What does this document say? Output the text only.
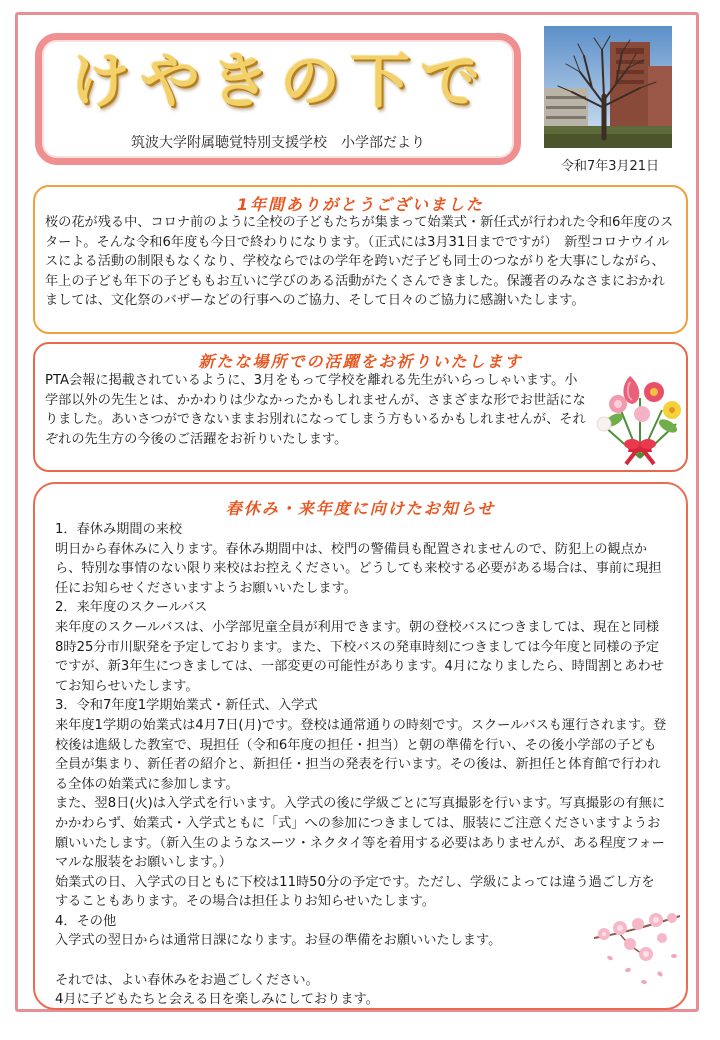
けやきの下で
筑波大学附属聴覚特別支援学校　小学部だより
令和7年3月21日
1年間ありがとうございました

桜の花が残る中、コロナ前のように全校の子どもたちが集まって始業式・新任式が行われた令和6年度のスタート。そんな令和6年度も今日で終わりになります。（正式には3月31日までですが）　新型コロナウイルスによる活動の制限もなくなり、学校ならではの学年を跨いだ子ども同士のつながりを大事にしながら、年上の子ども年下の子どももお互いに学びのある活動がたくさんできました。保護者のみなさまにおかれましては、文化祭のバザーなどの行事へのご協力、そして日々のご協力に感謝いたします。

新たな場所での活躍をお祈りいたします

PTA会報に掲載されているように、3月をもって学校を離れる先生がいらっしゃいます。小学部以外の先生とは、かかわりは少なかったかもしれませんが、さまざまな形でお世話になりました。あいさつができないままお別れになってしまう方もいるかもしれませんが、それぞれの先生方の今後のご活躍をお祈りいたします。

春休み・来年度に向けたお知らせ
1．春休み期間の来校
明日から春休みに入ります。春休み期間中は、校門の警備員も配置されませんので、防犯上の観点から、特別な事情のない限り来校はお控えください。どうしても来校する必要がある場合は、事前に現担任にお知らせくださいますようお願いいたします。
2．来年度のスクールバス
来年度のスクールバスは、小学部児童全員が利用できます。朝の登校バスにつきましては、現在と同様8時25分市川駅発を予定しております。また、下校バスの発車時刻につきましては今年度と同様の予定ですが、新3年生につきましては、一部変更の可能性があります。4月になりましたら、時間割とあわせてお知らせいたします。
3．令和7年度1学期始業式・新任式、入学式
来年度1学期の始業式は4月7日(月)です。登校は通常通りの時刻です。スクールバスも運行されます。登校後は進級した教室で、現担任（令和6年度の担任・担当）と朝の準備を行い、その後小学部の子ども全員が集まり、新任者の紹介と、新担任・担当の発表を行います。その後は、新担任と体育館で行われる全体の始業式に参加します。
また、翌8日(火)は入学式を行います。入学式の後に学級ごとに写真撮影を行います。写真撮影の有無にかかわらず、始業式・入学式ともに「式」への参加につきましては、服装にご注意くださいますようお願いいたします。（新入生のようなスーツ・ネクタイ等を着用する必要はありませんが、ある程度フォーマルな服装をお願いします。）
始業式の日、入学式の日ともに下校は11時50分の予定です。ただし、学級によっては違う過ごし方をすることもあります。その場合は担任よりお知らせいたします。
4．その他
入学式の翌日からは通常日課になります。お昼の準備をお願いいたします。
それでは、よい春休みをお過ごしください。
4月に子どもたちと会える日を楽しみにしております。
